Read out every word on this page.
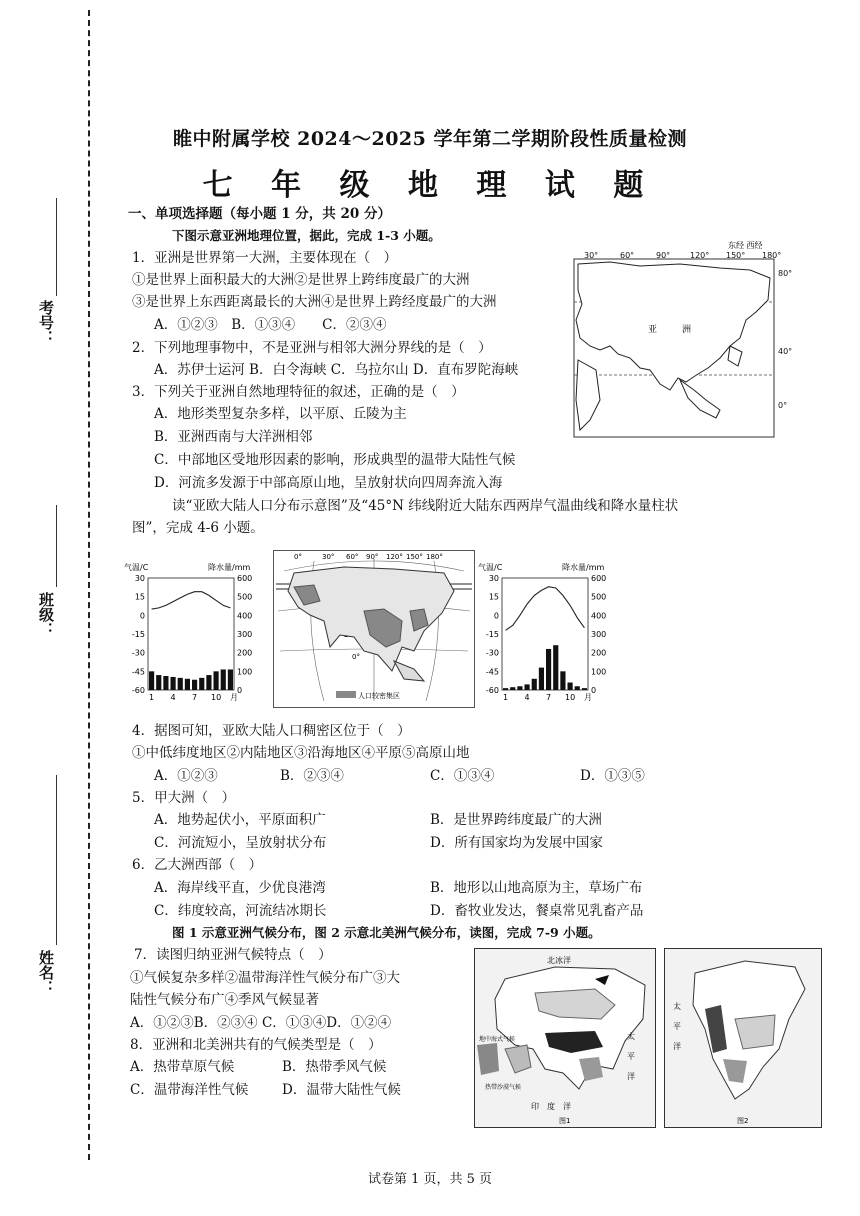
考号：
班级：
姓名：
睢中附属学校 2024～2025 学年第二学期阶段性质量检测
七 年 级 地 理 试 题
一、单项选择题（每小题 1 分，共 20 分）
下图示意亚洲地理位置，据此，完成 1-3 小题。
1．亚洲是世界第一大洲，主要体现在（　）
①是世界上面积最大的大洲②是世界上跨纬度最广的大洲
③是世界上东西距离最长的大洲④是世界上跨经度最广的大洲
A．①②③　B．①③④　　C．②③④
2．下列地理事物中，不是亚洲与相邻大洲分界线的是（　）
A．苏伊士运河 B．白令海峡 C．乌拉尔山 D．直布罗陀海峡
3．下列关于亚洲自然地理特征的叙述，正确的是（　）
A．地形类型复杂多样，以平原、丘陵为主
B．亚洲西南与大洋洲相邻
C．中部地区受地形因素的影响，形成典型的温带大陆性气候
D．河流多发源于中部高原山地，呈放射状向四周奔流入海
读“亚欧大陆人口分布示意图”及“45°N 纬线附近大陆东西两岸气温曲线和降水量柱状
图”，完成 4-6 小题。
东经 西经
30°	60°	90° 120° 150° 180°
80°
40°
0°
亚	洲
气温/C	降水量/mm
30
15
0
-15
-30
-45
-60
600
500
400
300
200
100
0
1 4 7 10 月
0°	30° 60° 90° 120° 150° 180°
0°
人口较密集区
气温/C	降水量/mm
30
15
0
-15
-30
-45
-60
600
500
400
300
200
100
0
1 4 7 10 月
4．据图可知，亚欧大陆人口稠密区位于（　）
①中低纬度地区②内陆地区③沿海地区④平原⑤高原山地
A．①②③	B．②③④	C．①③④	D．①③⑤
5．甲大洲（　）
A．地势起伏小，平原面积广	B．是世界跨纬度最广的大洲
C．河流短小，呈放射状分布	D．所有国家均为发展中国家
6．乙大洲西部（　）
A．海岸线平直，少优良港湾	B．地形以山地高原为主，草场广布
C．纬度较高，河流结冰期长	D．畜牧业发达，餐桌常见乳畜产品
图 1 示意亚洲气候分布，图 2 示意北美洲气候分布，读图，完成 7-9 小题。
7．读图归纳亚洲气候特点（　）
①气候复杂多样②温带海洋性气候分布广③大
陆性气候分布广④季风气候显著
A．①②③B．②③④ C．①③④D．①②④
8．亚洲和北美洲共有的气候类型是（　）
A．热带草原气候	B．热带季风气候
C．温带海洋性气候 D．温带大陆性气候
北冰洋
地中海式气候
热带沙漠气候
印　度　洋
太
平
洋
图1
太
平
洋
图2
试卷第 1 页，共 5 页
